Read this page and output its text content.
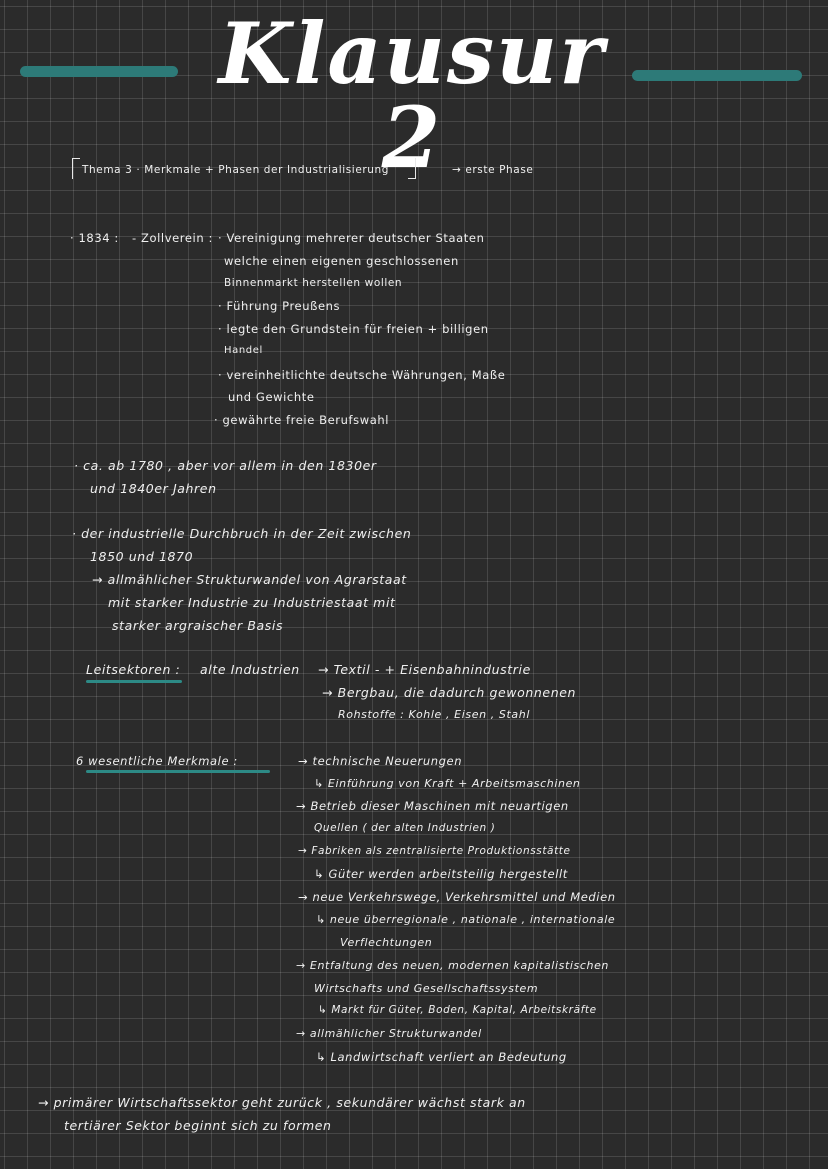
Klausur 2
Thema 3 · Merkmale + Phasen der Industrialisierung	→ erste Phase
· 1834 : - Zollverein : · Vereinigung mehrerer deutscher Staaten
welche einen eigenen geschlossenen
Binnenmarkt herstellen wollen
· Führung Preußens
· legte den Grundstein für freien + billigen
Handel
· vereinheitlichte deutsche Währungen, Maße
und Gewichte
· gewährte freie Berufswahl
· ca. ab 1780 , aber vor allem in den 1830er
und 1840er Jahren
· der industrielle Durchbruch in der Zeit zwischen
1850 und 1870
→ allmählicher Strukturwandel von Agrarstaat
mit starker Industrie zu Industriestaat mit
starker argraischer Basis
Leitsektoren : alte Industrien → Textil - + Eisenbahnindustrie
→ Bergbau, die dadurch gewonnenen
Rohstoffe : Kohle , Eisen , Stahl
6 wesentliche Merkmale :	→ technische Neuerungen
↳ Einführung von Kraft + Arbeitsmaschinen
→ Betrieb dieser Maschinen mit neuartigen
Quellen ( der alten Industrien )
→ Fabriken als zentralisierte Produktionsstätte
↳ Güter werden arbeitsteilig hergestellt
→ neue Verkehrswege, Verkehrsmittel und Medien
↳ neue überregionale , nationale , internationale
Verflechtungen
→ Entfaltung des neuen, modernen kapitalistischen
Wirtschafts und Gesellschaftssystem
↳ Markt für Güter, Boden, Kapital, Arbeitskräfte
→ allmählicher Strukturwandel
↳ Landwirtschaft verliert an Bedeutung
→ primärer Wirtschaftssektor geht zurück , sekundärer wächst stark an
tertiärer Sektor beginnt sich zu formen
